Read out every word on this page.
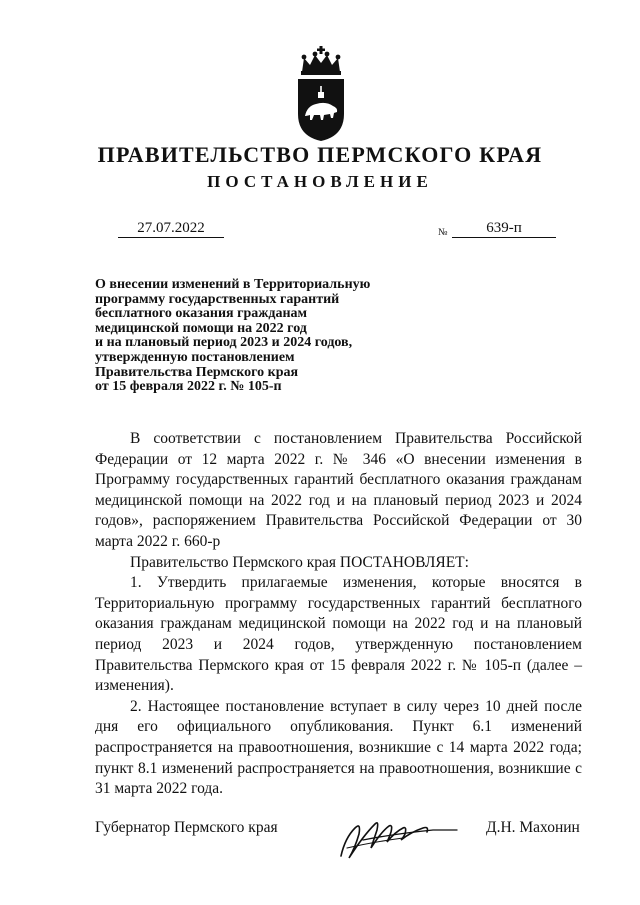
ПРАВИТЕЛЬСТВО ПЕРМСКОГО КРАЯ
ПОСТАНОВЛЕНИЕ
27.07.2022	№	639-п
О внесении изменений в Территориальную
программу государственных гарантий
бесплатного оказания гражданам
медицинской помощи на 2022 год
и на плановый период 2023 и 2024 годов,
утвержденную постановлением
Правительства Пермского края
от 15 февраля 2022 г. № 105-п

В соответствии с постановлением Правительства Российской Федерации от 12 марта 2022 г. № 346 «О внесении изменения в Программу государственных гарантий бесплатного оказания гражданам медицинской помощи на 2022 год и на плановый период 2023 и 2024 годов», распоряжением Правительства Российской Федерации от 30 марта 2022 г. 660-р

Правительство Пермского края ПОСТАНОВЛЯЕТ:

1. Утвердить прилагаемые изменения, которые вносятся в Территориальную программу государственных гарантий бесплатного оказания гражданам медицинской помощи на 2022 год и на плановый период 2023 и 2024 годов, утвержденную постановлением Правительства Пермского края от 15 февраля 2022 г. № 105-п (далее – изменения).

2. Настоящее постановление вступает в силу через 10 дней после дня его официального опубликования. Пункт 6.1 изменений распространяется на правоотношения, возникшие с 14 марта 2022 года; пункт 8.1 изменений распространяется на правоотношения, возникшие с 31 марта 2022 года.

Губернатор Пермского края	Д.Н. Махонин
